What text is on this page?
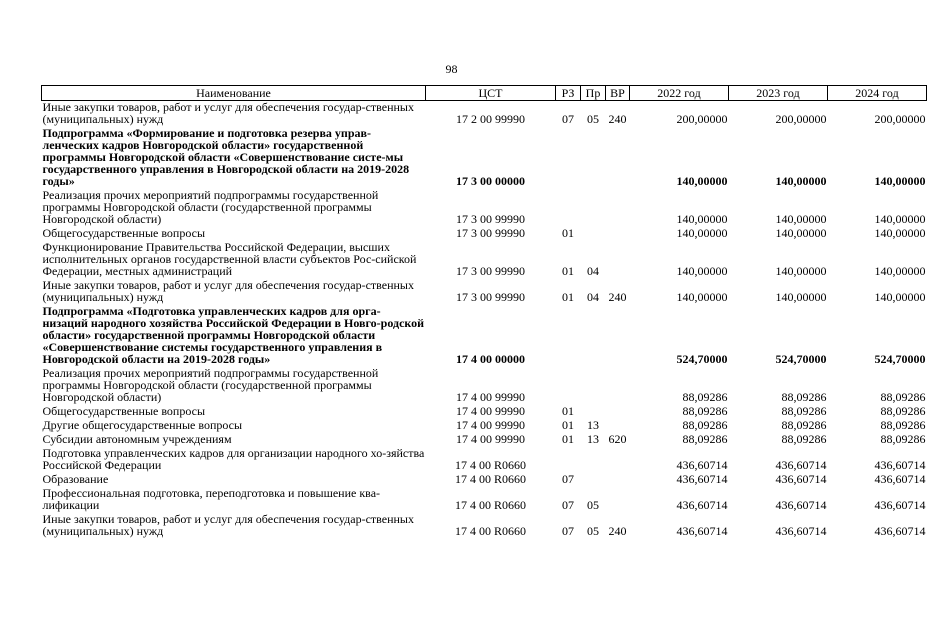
98
Наименование	ЦСТ	РЗ	Пр	ВР	2022 год	2023 год	2024 год
Иные закупки товаров, работ и услуг для обеспечения государ-ственных (муниципальных) нужд	17 2 00 99990	07	05	240	200,00000	200,00000	200,00000

Подпрограмма «Формирование и подготовка резерва управ-ленческих кадров Новгородской области» государственной программы Новгородской области «Совершенствование систе-мы государственного управления в Новгородской области на 2019-2028 годы»	17 3 00 00000				140,00000	140,00000	140,00000

Реализация прочих мероприятий подпрограммы государственной программы Новгородской области (государственной программы Новгородской области)	17 3 00 99990				140,00000	140,00000	140,00000

Общегосударственные вопросы	17 3 00 99990	01			140,00000	140,00000	140,00000

Функционирование Правительства Российской Федерации, высших исполнительных органов государственной власти субъектов Рос-сийской Федерации, местных администраций	17 3 00 99990	01	04		140,00000	140,00000	140,00000

Иные закупки товаров, работ и услуг для обеспечения государ-ственных (муниципальных) нужд	17 3 00 99990	01	04	240	140,00000	140,00000	140,00000

Подпрограмма «Подготовка управленческих кадров для орга-низаций народного хозяйства Российской Федерации в Новго-родской области» государственной программы Новгородской области «Совершенствование системы государственного управления в Новгородской области на 2019-2028 годы»	17 4 00 00000				524,70000	524,70000	524,70000

Реализация прочих мероприятий подпрограммы государственной программы Новгородской области (государственной программы Новгородской области)	17 4 00 99990				88,09286	88,09286	88,09286

Общегосударственные вопросы	17 4 00 99990	01			88,09286	88,09286	88,09286

Другие общегосударственные вопросы	17 4 00 99990	01	13		88,09286	88,09286	88,09286

Субсидии автономным учреждениям	17 4 00 99990	01	13	620	88,09286	88,09286	88,09286

Подготовка управленческих кадров для организации народного хо-зяйства Российской Федерации	17 4 00 R0660				436,60714	436,60714	436,60714

Образование	17 4 00 R0660	07			436,60714	436,60714	436,60714

Профессиональная подготовка, переподготовка и повышение ква-лификации	17 4 00 R0660	07	05		436,60714	436,60714	436,60714

Иные закупки товаров, работ и услуг для обеспечения государ-ственных (муниципальных) нужд	17 4 00 R0660	07	05	240	436,60714	436,60714	436,60714
